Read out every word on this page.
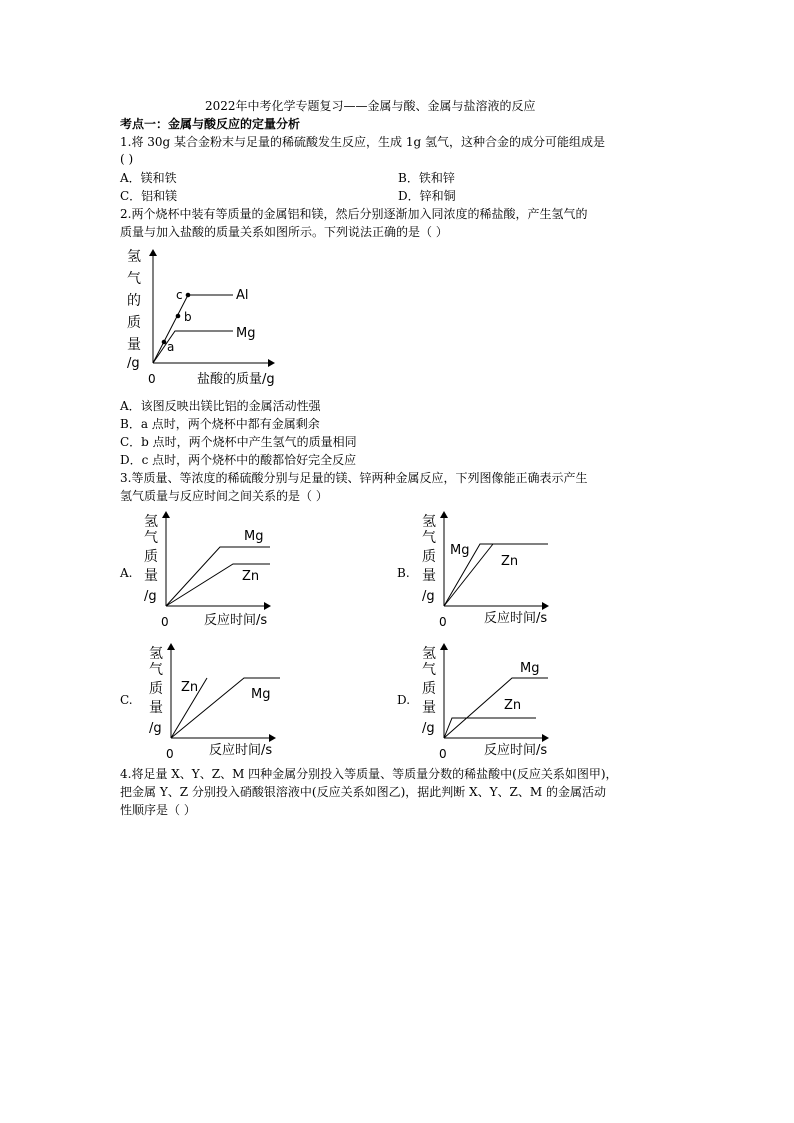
2022年中考化学专题复习——金属与酸、金属与盐溶液的反应
考点一：金属与酸反应的定量分析
1.将 30g 某合金粉末与足量的稀硫酸发生反应，生成 1g 氢气，这种合金的成分可能组成是
( )
A．镁和铁	B．铁和锌
C．铝和镁	D．锌和铜
2.两个烧杯中装有等质量的金属铝和镁，然后分别逐渐加入同浓度的稀盐酸，产生氢气的
质量与加入盐酸的质量关系如图所示。下列说法正确的是（ ）
氢
气
的
质
量
/g
0	盐酸的质量/g
Al
Mg
a
b
c
A．该图反映出镁比铝的金属活动性强
B．a 点时，两个烧杯中都有金属剩余
C．b 点时，两个烧杯中产生氢气的质量相同
D．c 点时，两个烧杯中的酸都恰好完全反应
3.等质量、等浓度的稀硫酸分别与足量的镁、锌两种金属反应，下列图像能正确表示产生
氢气质量与反应时间之间关系的是（ ）
A.
氢
气
质
量
/g
0	反应时间/s
Mg
Zn	B.
氢
气
质
量
/g
0	反应时间/s
Mg
Zn
C.
氢
气
质
量
/g
0	反应时间/s
Zn	Mg	D.
氢
气
质
量
/g
0	反应时间/s
Mg
Zn
4.将足量 X、Y、Z、M 四种金属分别投入等质量、等质量分数的稀盐酸中(反应关系如图甲)，
把金属 Y、Z 分别投入硝酸银溶液中(反应关系如图乙)，据此判断 X、Y、Z、M 的金属活动
性顺序是（ ）
